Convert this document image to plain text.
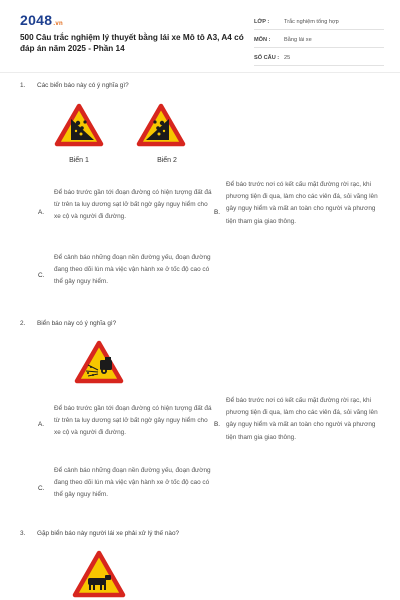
2048.vn
500 Câu trắc nghiệm lý thuyết bằng lái xe Mô tô A3, A4 có đáp án năm 2025 - Phần 14
LỚP :	Trắc nghiệm tổng hợp
MÔN :	Bằng lái xe
SỐ CÂU : 25
1. Các biển báo này có ý nghĩa gì?
Biển 1	Biển 2
A.
Để báo trước gần tới đoạn đường có hiện tượng đất đá từ trên ta luy dương sạt lở bất ngờ gây nguy hiểm cho xe cộ và người đi đường.
B.
Để báo trước nơi có kết cấu mặt đường rời rạc, khi phương tiện đi qua, làm cho các viên đá, sỏi văng lên gây nguy hiểm và mất an toàn cho người và phương tiện tham gia giao thông.
C.
Để cảnh báo những đoạn nền đường yếu, đoạn đường đang theo dõi lún mà việc vận hành xe ở tốc độ cao có thể gây nguy hiểm.
2. Biển báo này có ý nghĩa gì?
A.
Để báo trước gần tới đoạn đường có hiện tượng đất đá từ trên ta luy dương sạt lở bất ngờ gây nguy hiểm cho xe cộ và người đi đường.
B.
Để báo trước nơi có kết cấu mặt đường rời rạc, khi phương tiện đi qua, làm cho các viên đá, sỏi văng lên gây nguy hiểm và mất an toàn cho người và phương tiện tham gia giao thông.
C.
Để cảnh báo những đoạn nền đường yếu, đoạn đường đang theo dõi lún mà việc vận hành xe ở tốc độ cao có thể gây nguy hiểm.
3. Gặp biển báo này người lái xe phải xử lý thế nào?
